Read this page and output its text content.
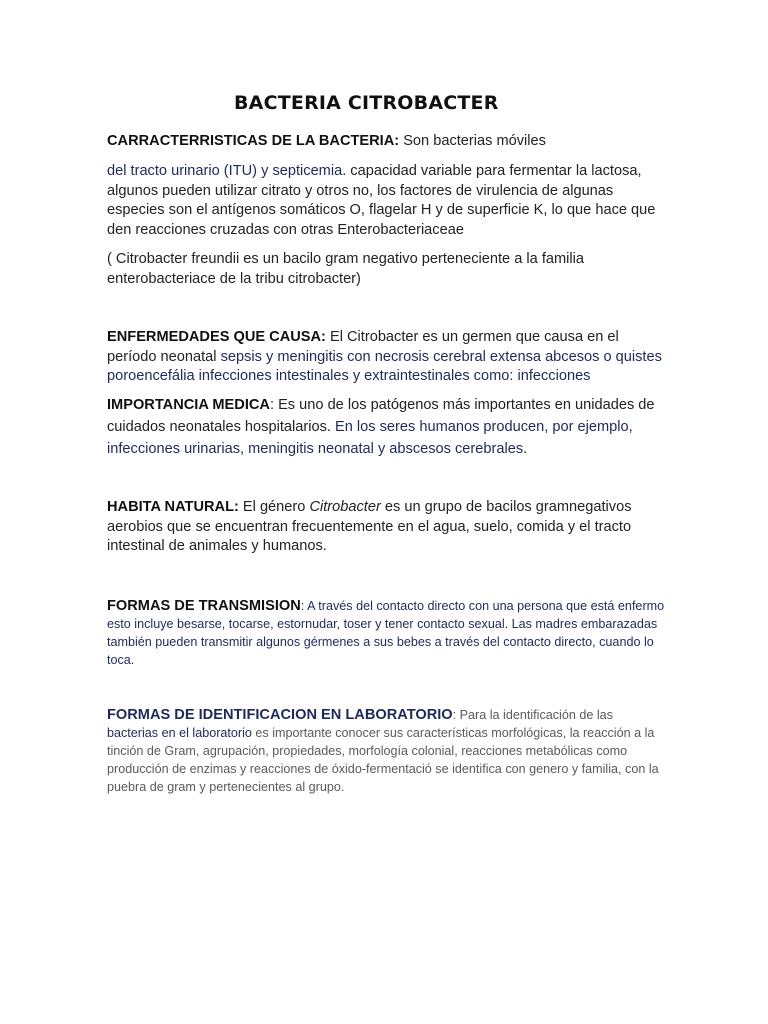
BACTERIA CITROBACTER

CARRACTERRISTICAS DE LA BACTERIA: Son bacterias móviles

del tracto urinario (ITU) y septicemia. capacidad variable para fermentar la lactosa, algunos pueden utilizar citrato y otros no, los factores de virulencia de algunas especies son el antígenos somáticos O, flagelar H y de superficie K, lo que hace que den reacciones cruzadas con otras Enterobacteriaceae

( Citrobacter freundii es un bacilo gram negativo perteneciente a la familia enterobacteriace de la tribu citrobacter)

ENFERMEDADES QUE CAUSA: El Citrobacter es un germen que causa en el período neonatal sepsis y meningitis con necrosis cerebral extensa abcesos o quistes poroencefália infecciones intestinales y extraintestinales como: infecciones

IMPORTANCIA MEDICA: Es uno de los patógenos más importantes en unidades de cuidados neonatales hospitalarios. En los seres humanos producen, por ejemplo, infecciones urinarias, meningitis neonatal y abscesos cerebrales.

HABITA NATURAL: El género Citrobacter es un grupo de bacilos gramnegativos aerobios que se encuentran frecuentemente en el agua, suelo, comida y el tracto intestinal de animales y humanos.

FORMAS DE TRANSMISION: A través del contacto directo con una persona que está enfermo esto incluye besarse, tocarse, estornudar, toser y tener contacto sexual. Las madres embarazadas también pueden transmitir algunos gérmenes a sus bebes a través del contacto directo, cuando lo toca.

FORMAS DE IDENTIFICACION EN LABORATORIO: Para la identificación de las bacterias en el laboratorio es importante conocer sus características morfológicas, la reacción a la tinción de Gram, agrupación, propiedades, morfología colonial, reacciones metabólicas como producción de enzimas y reacciones de óxido-fermentació se identifica con genero y familia, con la puebra de gram y pertenecientes al grupo.
